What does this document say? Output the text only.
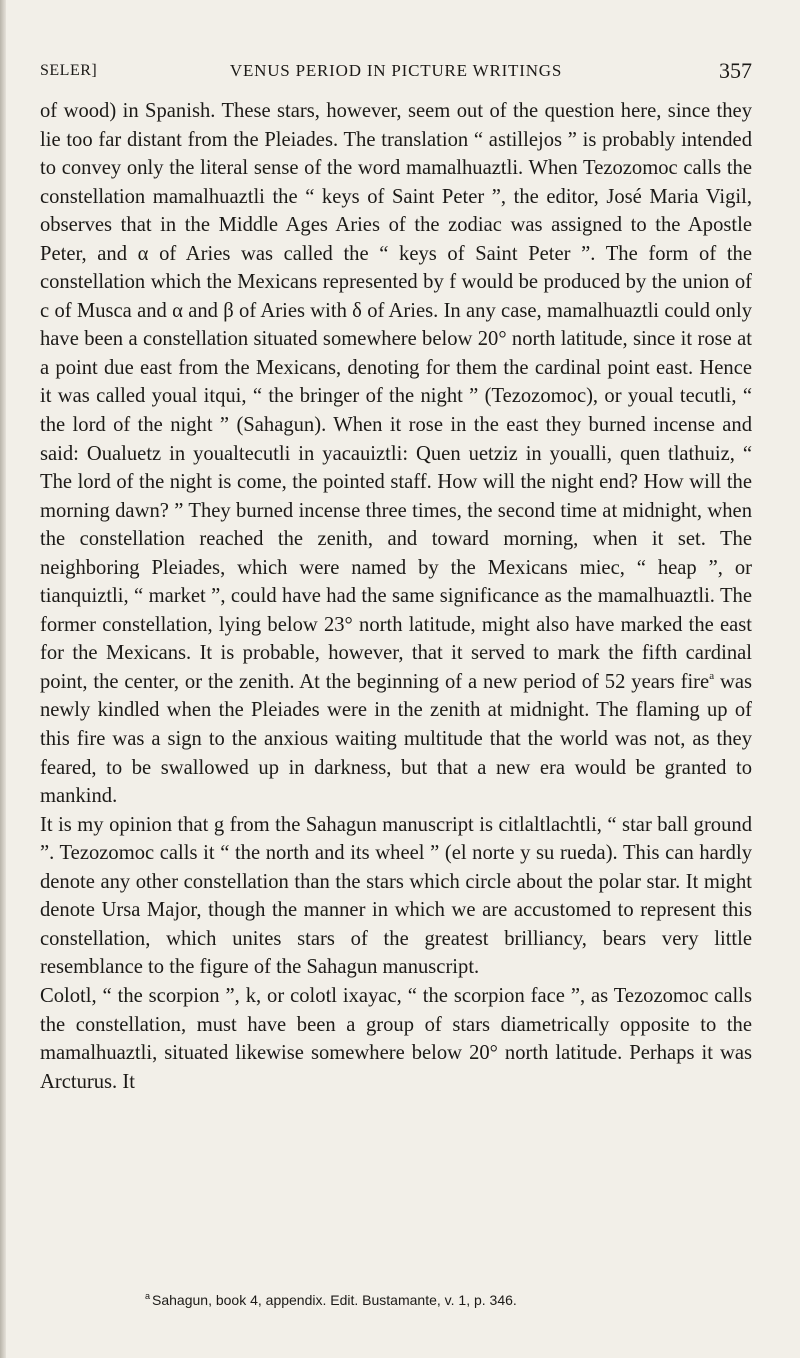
SELER]	VENUS PERIOD IN PICTURE WRITINGS	357

of wood) in Spanish. These stars, however, seem out of the question here, since they lie too far distant from the Pleiades. The translation “ astillejos ” is probably intended to convey only the literal sense of the word mamalhuaztli. When Tezozomoc calls the constellation mamalhuaztli the “ keys of Saint Peter ”, the editor, José Maria Vigil, observes that in the Middle Ages Aries of the zodiac was assigned to the Apostle Peter, and α of Aries was called the “ keys of Saint Peter ”. The form of the constellation which the Mexicans represented by f would be produced by the union of c of Musca and α and β of Aries with δ of Aries. In any case, mamalhuaztli could only have been a constellation situated somewhere below 20° north latitude, since it rose at a point due east from the Mexicans, denoting for them the cardinal point east. Hence it was called youal itqui, “ the bringer of the night ” (Tezozomoc), or youal tecutli, “ the lord of the night ” (Sahagun). When it rose in the east they burned incense and said: Oualuetz in youaltecutli in yacauiztli: Quen uetziz in youalli, quen tlathuiz, “ The lord of the night is come, the pointed staff. How will the night end? How will the morning dawn? ” They burned incense three times, the second time at midnight, when the constellation reached the zenith, and toward morning, when it set. The neighboring Pleiades, which were named by the Mexicans miec, “ heap ”, or tianquiztli, “ market ”, could have had the same significance as the mamalhuaztli. The former constellation, lying below 23° north latitude, might also have marked the east for the Mexicans. It is probable, however, that it served to mark the fifth cardinal point, the center, or the zenith. At the beginning of a new period of 52 years fire$^a$ was newly kindled when the Pleiades were in the zenith at midnight. The flaming up of this fire was a sign to the anxious waiting multitude that the world was not, as they feared, to be swallowed up in darkness, but that a new era would be granted to mankind.

It is my opinion that g from the Sahagun manuscript is citlaltlachtli, “ star ball ground ”. Tezozomoc calls it “ the north and its wheel ” (el norte y su rueda). This can hardly denote any other constellation than the stars which circle about the polar star. It might denote Ursa Major, though the manner in which we are accustomed to represent this constellation, which unites stars of the greatest brilliancy, bears very little resemblance to the figure of the Sahagun manuscript.

Colotl, “ the scorpion ”, k, or colotl ixayac, “ the scorpion face ”, as Tezozomoc calls the constellation, must have been a group of stars diametrically opposite to the mamalhuaztli, situated likewise somewhere below 20° north latitude. Perhaps it was Arcturus. It

$^a$ Sahagun, book 4, appendix. Edit. Bustamante, v. 1, p. 346.
